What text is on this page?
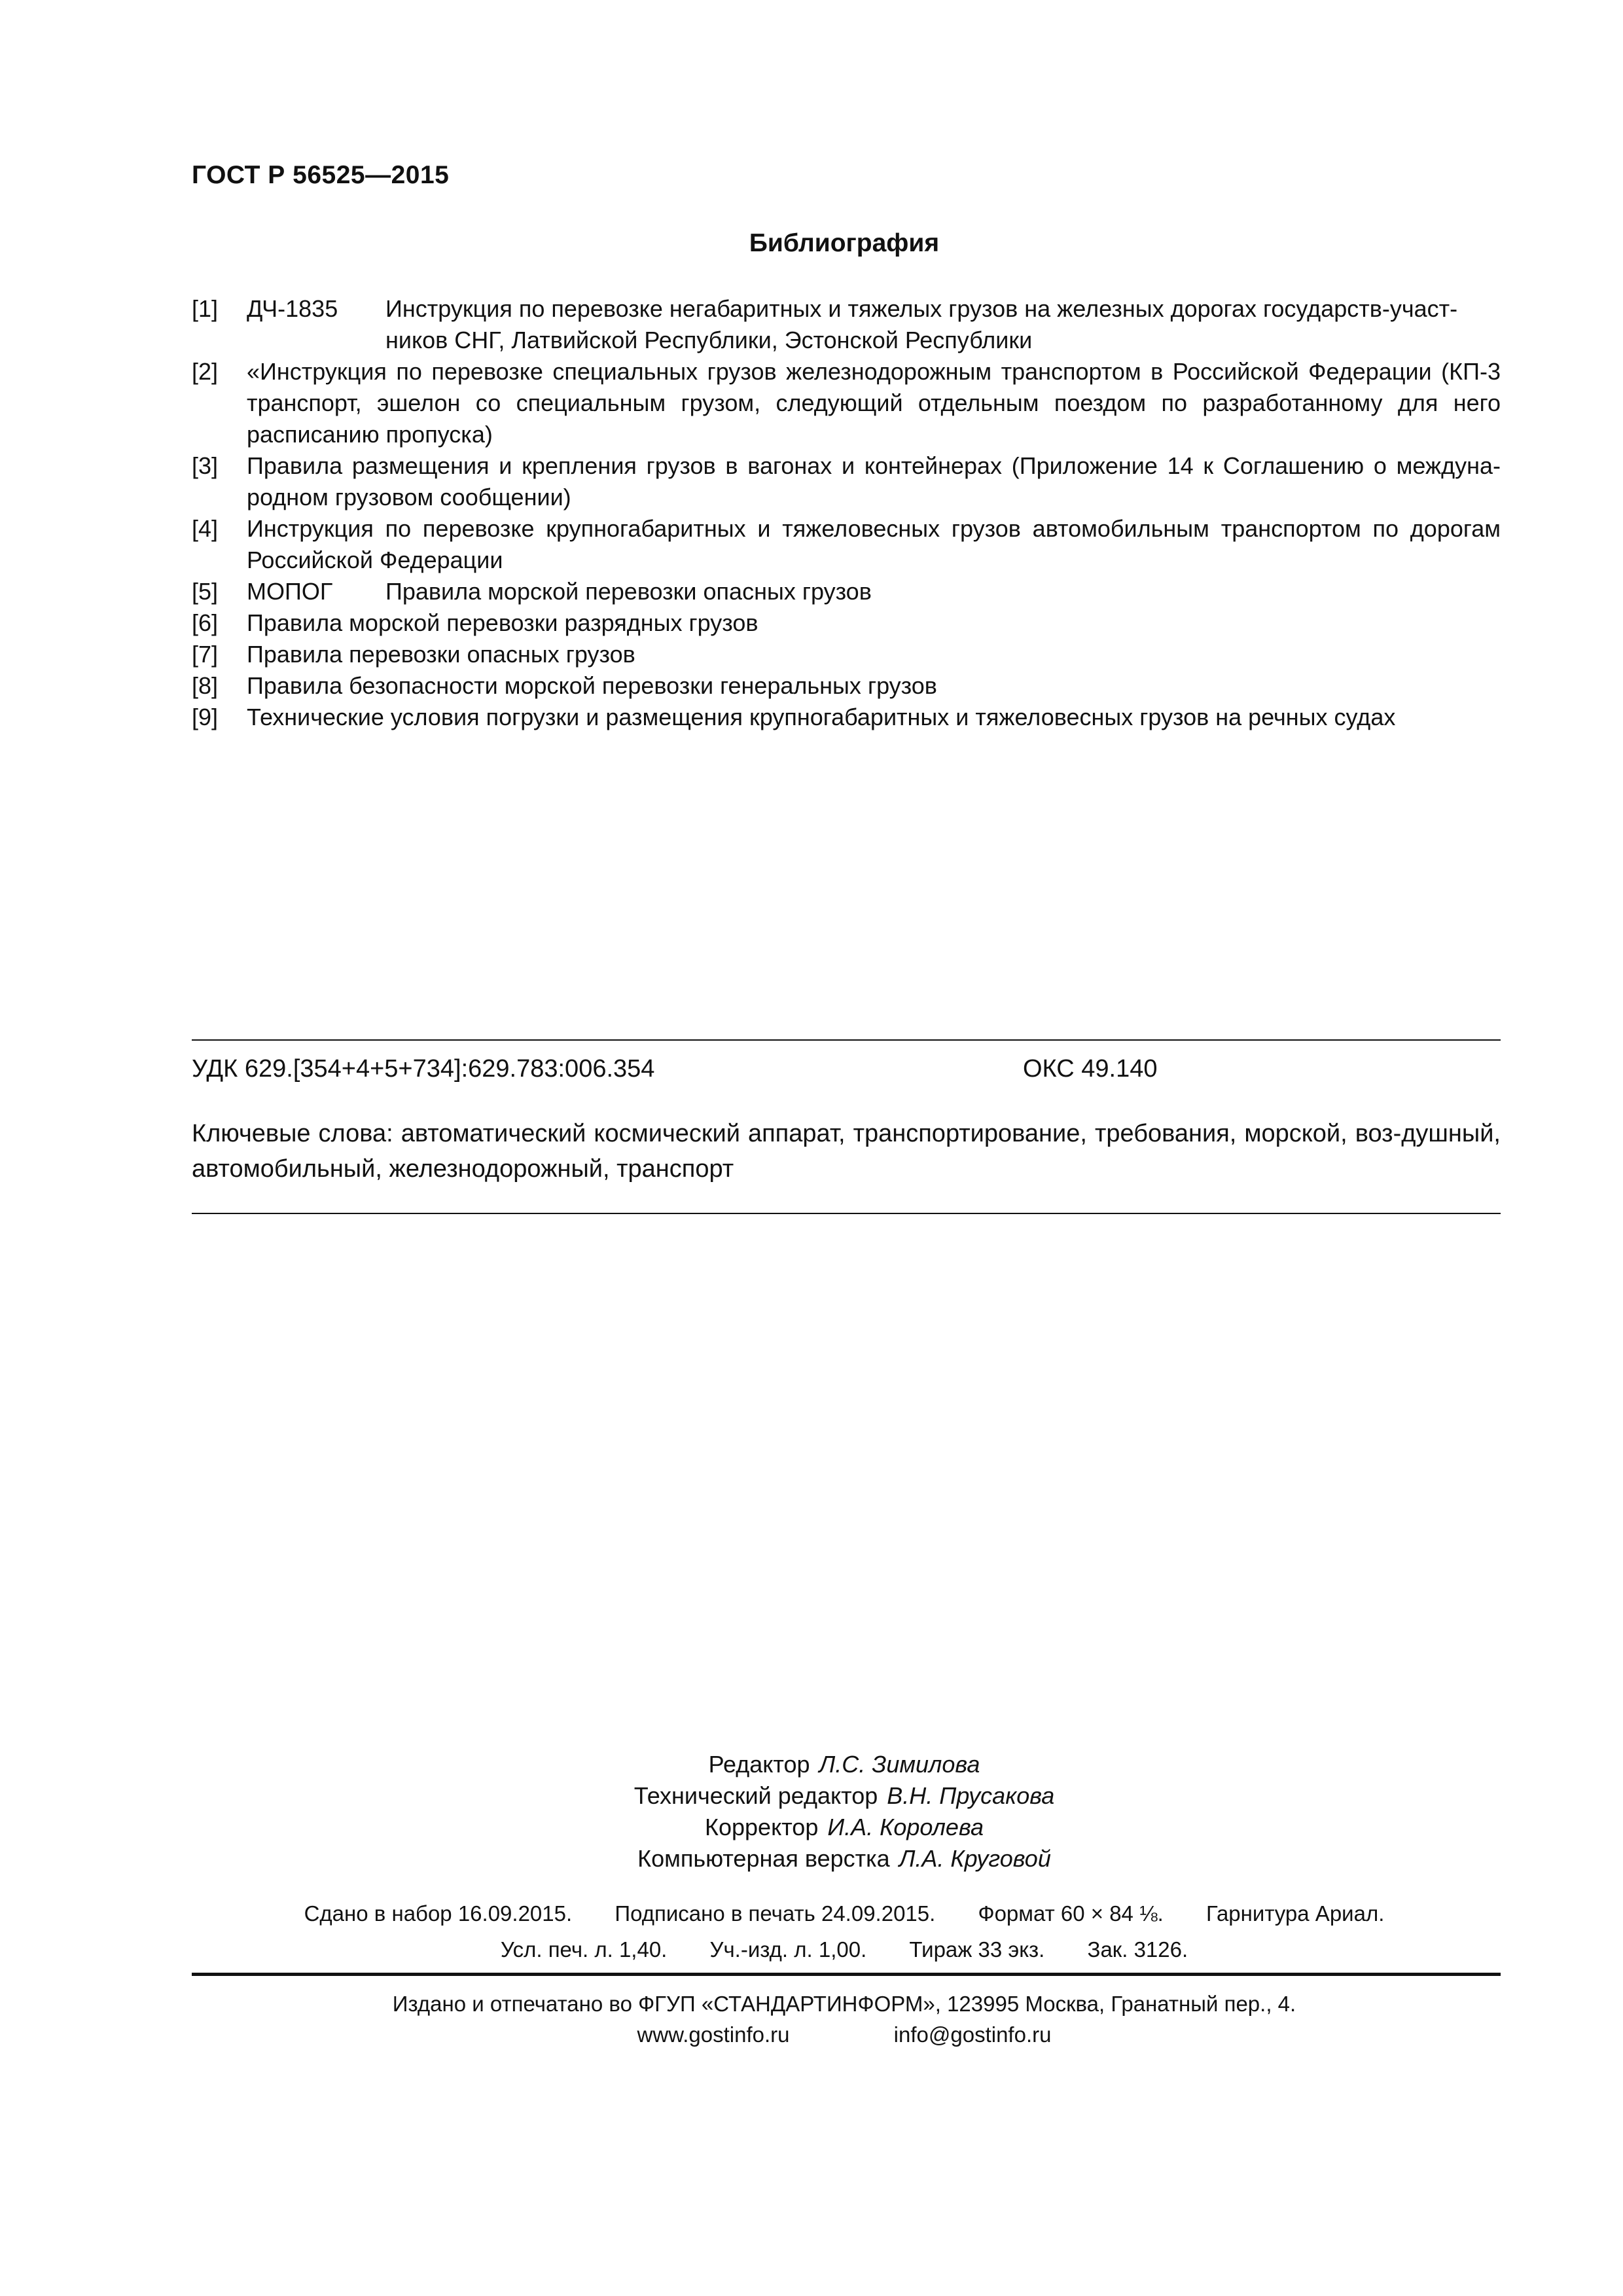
ГОСТ Р 56525—2015
Библиография
[1] ДЧ-1835 Инструкция по перевозке негабаритных и тяжелых грузов на железных дорогах государств-участ-
ников СНГ, Латвийской Республики, Эстонской Республики
[2] «Инструкция по перевозке специальных грузов железнодорожным транспортом в Российской Федерации (КП-3 транспорт, эшелон со специальным грузом, следующий отдельным поездом по разработанному для него расписанию пропуска)
[3] Правила размещения и крепления грузов в вагонах и контейнерах (Приложение 14 к Соглашению о междуна-родном грузовом сообщении)
[4] Инструкция по перевозке крупногабаритных и тяжеловесных грузов автомобильным транспортом по дорогам Российской Федерации
[5] МОПОГ Правила морской перевозки опасных грузов
[6] Правила морской перевозки разрядных грузов
[7] Правила перевозки опасных грузов
[8] Правила безопасности морской перевозки генеральных грузов
[9] Технические условия погрузки и размещения крупногабаритных и тяжеловесных грузов на речных судах
УДК 629.[354+4+5+734]:629.783:006.354	ОКС 49.140
Ключевые слова: автоматический космический аппарат, транспортирование, требования, морской, воз-душный, автомобильный, железнодорожный, транспорт
Редактор Л.С. Зимилова
Технический редактор В.Н. Прусакова
Корректор И.А. Королева
Компьютерная верстка Л.А. Круговой
Сдано в набор 16.09.2015. Подписано в печать 24.09.2015. Формат 60 × 84 ⅛. Гарнитура Ариал.
Усл. печ. л. 1,40. Уч.-изд. л. 1,00. Тираж 33 экз. Зак. 3126.
Издано и отпечатано во ФГУП «СТАНДАРТИНФОРМ», 123995 Москва, Гранатный пер., 4.
www.gostinfo.ru	info@gostinfo.ru
